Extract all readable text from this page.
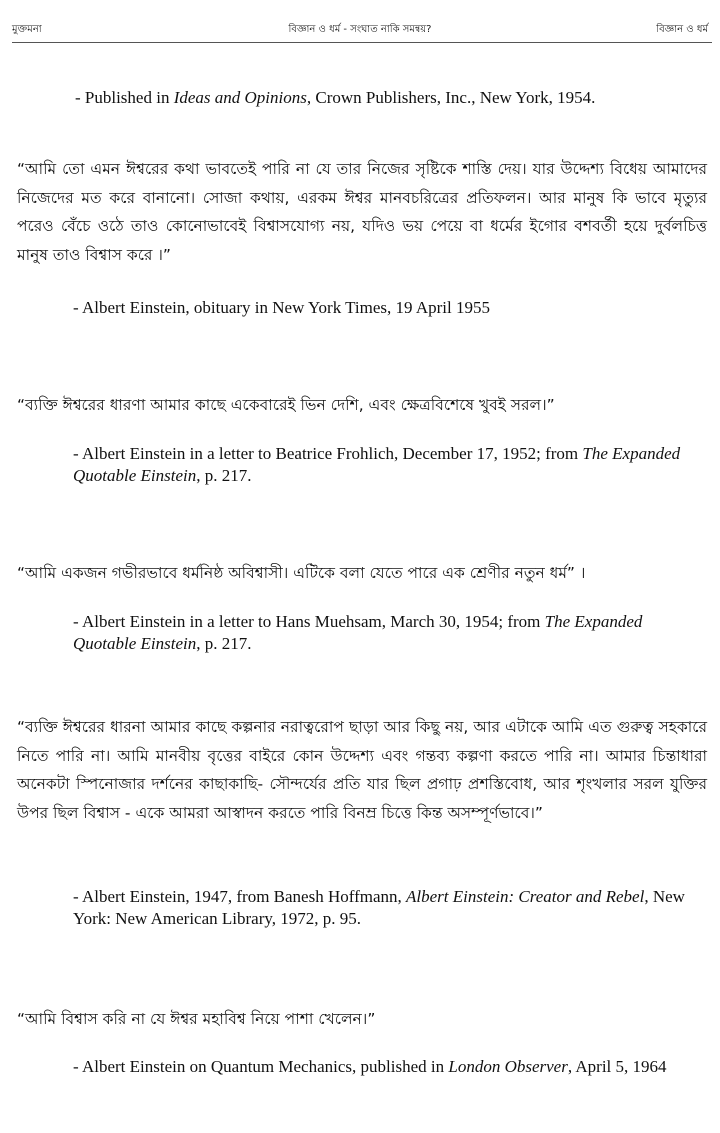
মুক্তমনা	বিজ্ঞান ও ধর্ম - সংঘাত নাকি সমন্বয়?	বিজ্ঞান ও ধর্ম

- Published in Ideas and Opinions, Crown Publishers, Inc., New York, 1954.

“আমি তো এমন ঈশ্বরের কথা ভাবতেই পারি না যে তার নিজের সৃষ্টিকে শাস্তি দেয়। যার উদ্দেশ্য বিধেয় আমাদের নিজেদের মত করে বানানো। সোজা কথায়, এরকম ঈশ্বর মানবচরিত্রের প্রতিফলন। আর মানুষ কি ভাবে মৃত্যুর পরেও বেঁচে ওঠে তাও কোনোভাবেই বিশ্বাসযোগ্য নয়, যদিও ভয় পেয়ে বা ধর্মের ইগোর বশবর্তী হয়ে দুর্বলচিত্ত মানুষ তাও বিশ্বাস করে ।”

- Albert Einstein, obituary in New York Times, 19 April 1955

“ব্যক্তি ঈশ্বরের ধারণা আমার কাছে একেবারেই ভিন দেশি, এবং ক্ষেত্রবিশেষে খুবই সরল।”

- Albert Einstein in a letter to Beatrice Frohlich, December 17, 1952; from The Expanded Quotable Einstein, p. 217.

“আমি একজন গভীরভাবে ধর্মনিষ্ঠ অবিশ্বাসী। এটিকে বলা যেতে পারে এক শ্রেণীর নতুন ধর্ম” ।

- Albert Einstein in a letter to Hans Muehsam, March 30, 1954; from The Expanded Quotable Einstein, p. 217.

“ব্যক্তি ঈশ্বরের ধারনা আমার কাছে কল্পনার নরাত্বরোপ ছাড়া আর কিছু নয়, আর এটাকে আমি এত গুরুত্ব সহকারে নিতে পারি না। আমি মানবীয় বৃত্তের বাইরে কোন উদ্দেশ্য এবং গন্তব্য কল্পণা করতে পারি না। আমার চিন্তাধারা অনেকটা স্পিনোজার দর্শনের কাছাকাছি- সৌন্দর্যের প্রতি যার ছিল প্রগাঢ় প্রশস্তিবোধ, আর শৃংখলার সরল যুক্তির উপর ছিল বিশ্বাস - একে আমরা আস্বাদন করতে পারি বিনম্র চিত্তে কিন্ত অসম্পূর্ণভাবে।”

- Albert Einstein, 1947, from Banesh Hoffmann, Albert Einstein: Creator and Rebel, New York: New American Library, 1972, p. 95.

“আমি বিশ্বাস করি না যে ঈশ্বর মহাবিশ্ব নিয়ে পাশা খেলেন।”

- Albert Einstein on Quantum Mechanics, published in London Observer, April 5, 1964
